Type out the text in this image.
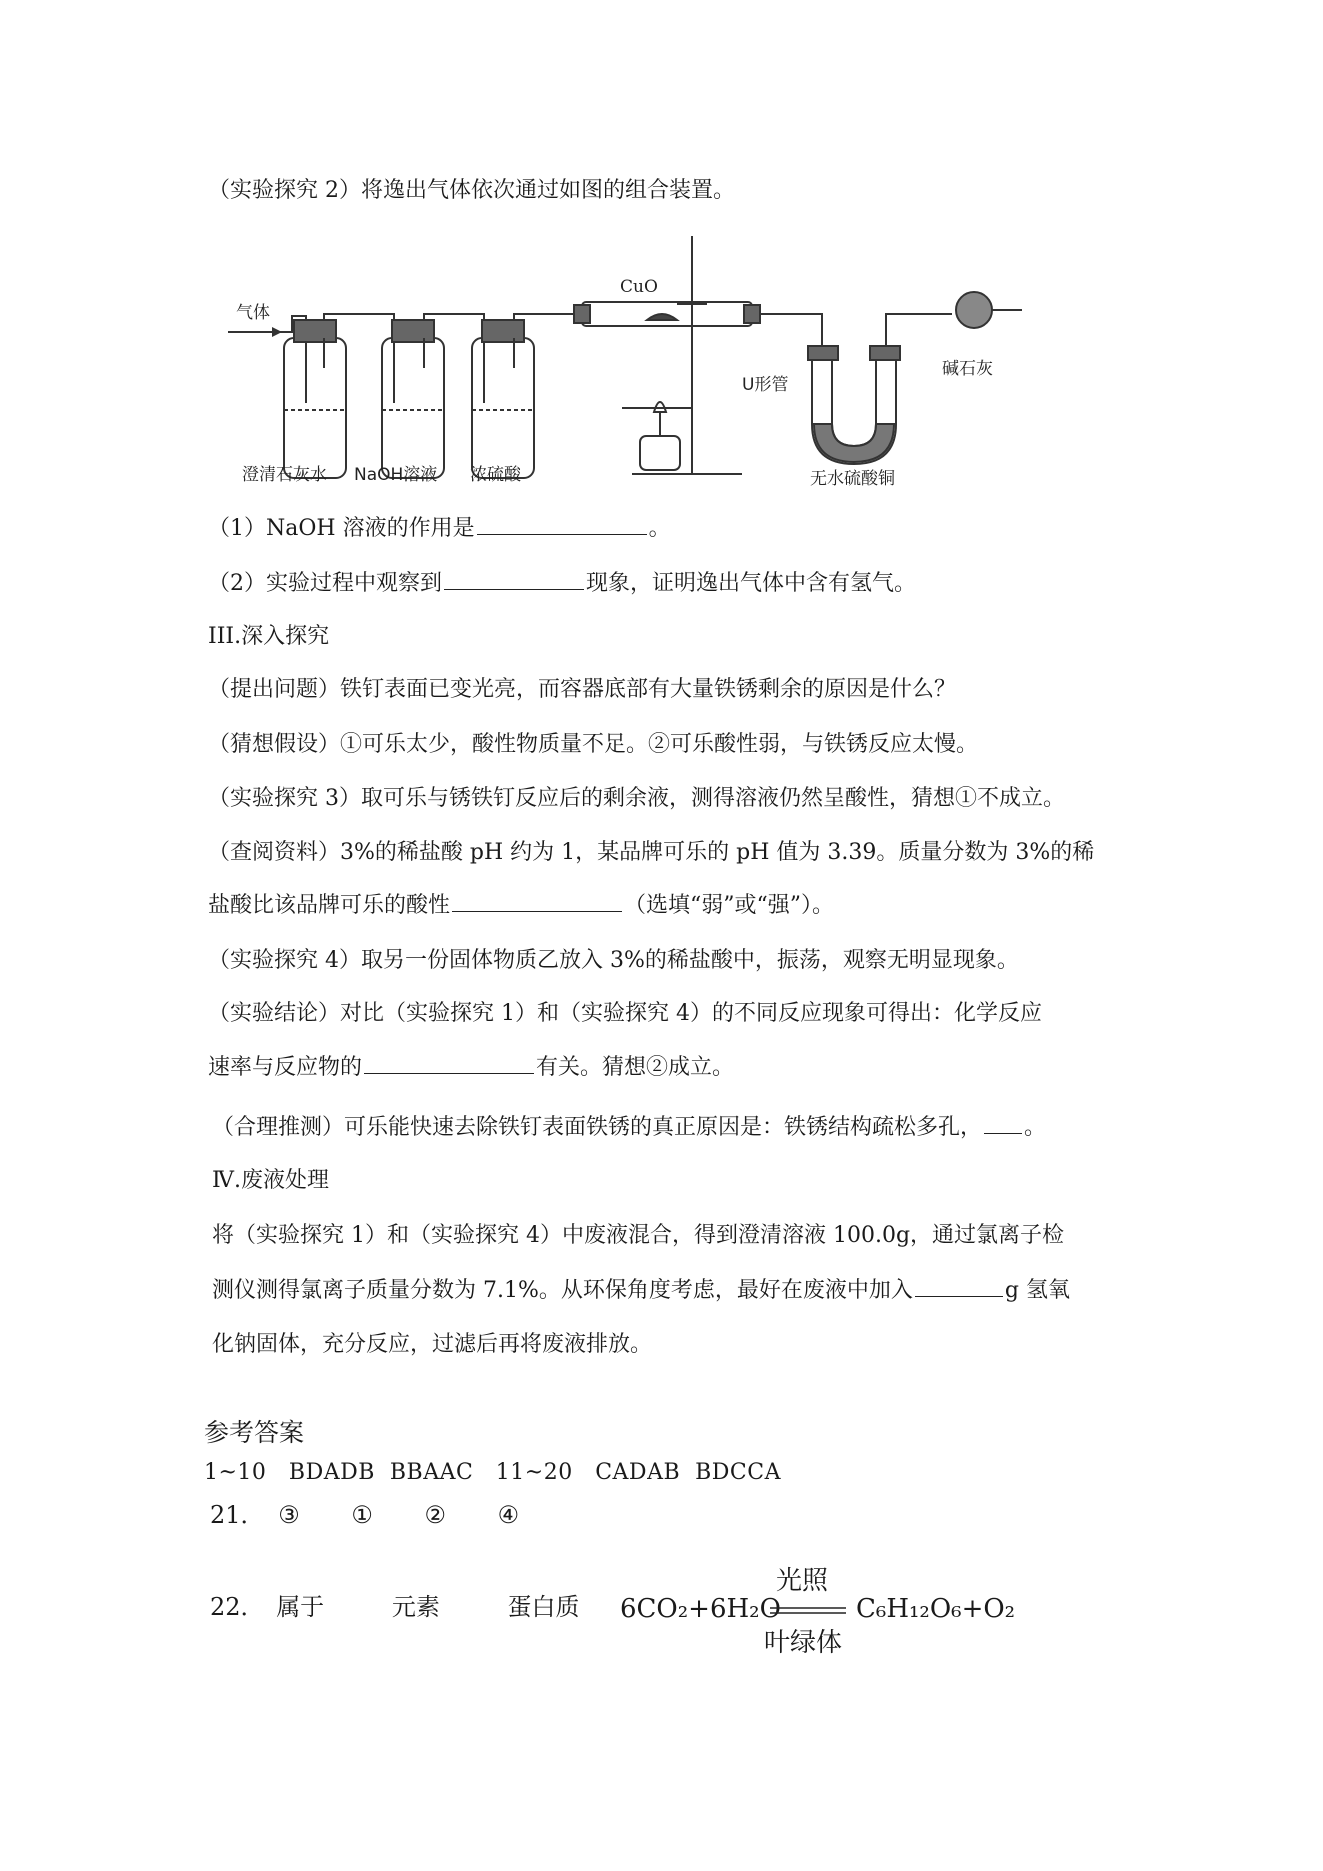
（实验探究 2）将逸出气体依次通过如图的组合装置。
气体
CuO
U形管
碱石灰
澄清石灰水 NaOH溶液 浓硫酸	无水硫酸铜
（1）NaOH 溶液的作用是	。
（2）实验过程中观察到	现象，证明逸出气体中含有氢气。
III.深入探究
（提出问题）铁钉表面已变光亮，而容器底部有大量铁锈剩余的原因是什么？
（猜想假设）①可乐太少，酸性物质量不足。②可乐酸性弱，与铁锈反应太慢。
（实验探究 3）取可乐与锈铁钉反应后的剩余液，测得溶液仍然呈酸性，猜想①不成立。
（查阅资料）3%的稀盐酸 pH 约为 1，某品牌可乐的 pH 值为 3.39。质量分数为 3%的稀
盐酸比该品牌可乐的酸性	（选填“弱”或“强”）。
（实验探究 4）取另一份固体物质乙放入 3%的稀盐酸中，振荡，观察无明显现象。
（实验结论）对比（实验探究 1）和（实验探究 4）的不同反应现象可得出：化学反应
速率与反应物的	有关。猜想②成立。
（合理推测）可乐能快速去除铁钉表面铁锈的真正原因是：铁锈结构疏松多孔， 。
Ⅳ.废液处理
将（实验探究 1）和（实验探究 4）中废液混合，得到澄清溶液 100.0g，通过氯离子检
测仪测得氯离子质量分数为 7.1%。从环保角度考虑，最好在废液中加入	g 氢氧
化钠固体，充分反应，过滤后再将废液排放。
参考答案
1~10   BDADB  BBAAC   11~20   CADAB  BDCCA
21． ③ ① ② ④
22． 属于	元素	蛋白质 6CO₂+6H₂O
光照
叶绿体
C₆H₁₂O₆+O₂
